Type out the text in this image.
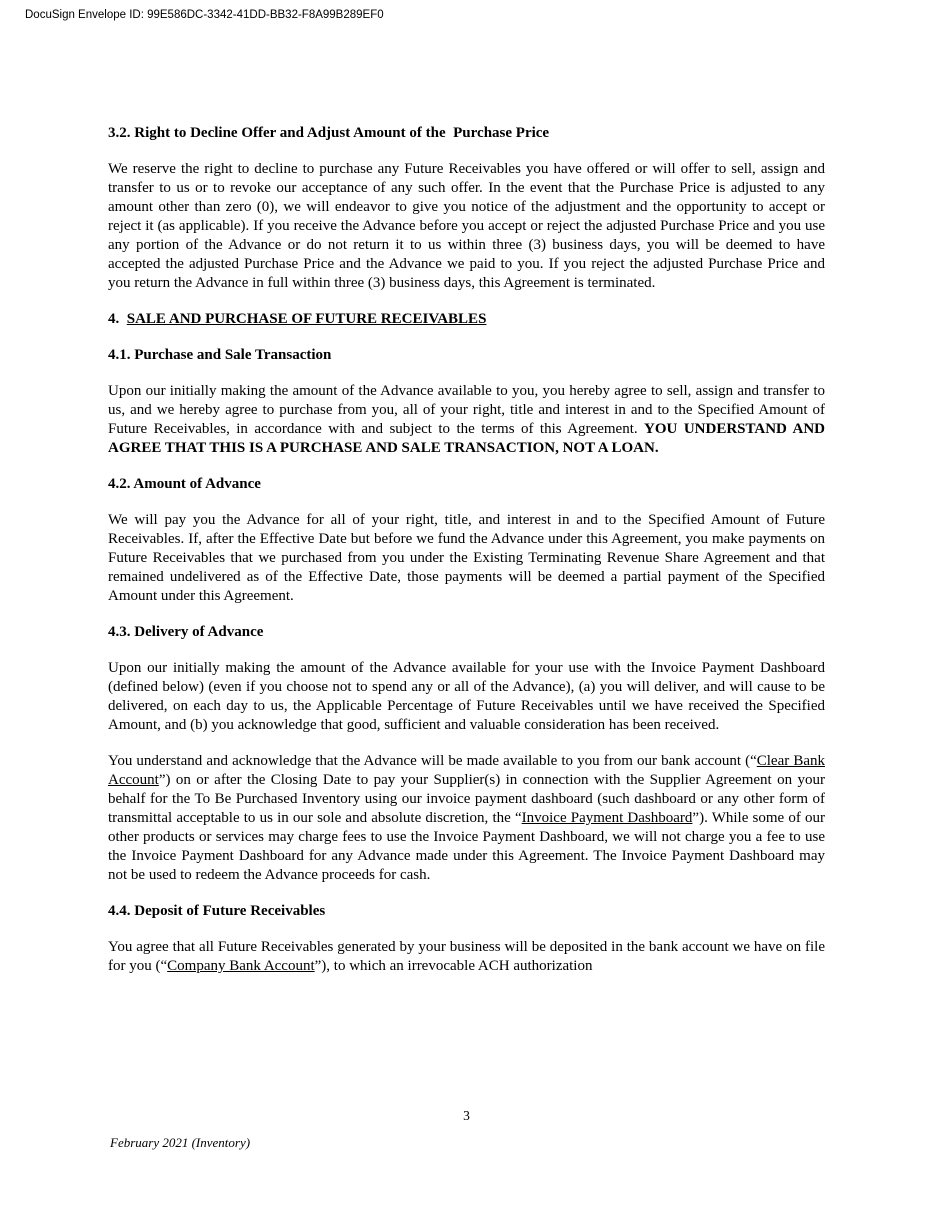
DocuSign Envelope ID: 99E586DC-3342-41DD-BB32-F8A99B289EF0

3.2. Right to Decline Offer and Adjust Amount of the  Purchase Price

We reserve the right to decline to purchase any Future Receivables you have offered or will offer to sell, assign and transfer to us or to revoke our acceptance of any such offer. In the event that the Purchase Price is adjusted to any amount other than zero (0), we will endeavor to give you notice of the adjustment and the opportunity to accept or reject it (as applicable). If you receive the Advance before you accept or reject the adjusted Purchase Price and you use any portion of the Advance or do not return it to us within three (3) business days, you will be deemed to have accepted the adjusted Purchase Price and the Advance we paid to you. If you reject the adjusted Purchase Price and you return the Advance in full within three (3) business days, this Agreement is terminated.

4.  SALE AND PURCHASE OF FUTURE RECEIVABLES

4.1. Purchase and Sale Transaction

Upon our initially making the amount of the Advance available to you, you hereby agree to sell, assign and transfer to us, and we hereby agree to purchase from you, all of your right, title and interest in and to the Specified Amount of Future Receivables, in accordance with and subject to the terms of this Agreement. YOU UNDERSTAND AND AGREE THAT THIS IS A PURCHASE AND SALE TRANSACTION, NOT A LOAN.

4.2. Amount of Advance

We will pay you the Advance for all of your right, title, and interest in and to the Specified Amount of Future Receivables. If, after the Effective Date but before we fund the Advance under this Agreement, you make payments on Future Receivables that we purchased from you under the Existing Terminating Revenue Share Agreement and that remained undelivered as of the Effective Date, those payments will be deemed a partial payment of the Specified Amount under this Agreement.

4.3. Delivery of Advance

Upon our initially making the amount of the Advance available for your use with the Invoice Payment Dashboard (defined below) (even if you choose not to spend any or all of the Advance), (a) you will deliver, and will cause to be delivered, on each day to us, the Applicable Percentage of Future Receivables until we have received the Specified Amount, and (b) you acknowledge that good, sufficient and valuable consideration has been received.

You understand and acknowledge that the Advance will be made available to you from our bank account (“Clear Bank Account”) on or after the Closing Date to pay your Supplier(s) in connection with the Supplier Agreement on your behalf for the To Be Purchased Inventory using our invoice payment dashboard (such dashboard or any other form of transmittal acceptable to us in our sole and absolute discretion, the “Invoice Payment Dashboard”). While some of our other products or services may charge fees to use the Invoice Payment Dashboard, we will not charge you a fee to use the Invoice Payment Dashboard for any Advance made under this Agreement. The Invoice Payment Dashboard may not be used to redeem the Advance proceeds for cash.

4.4. Deposit of Future Receivables

You agree that all Future Receivables generated by your business will be deposited in the bank account we have on file for you (“Company Bank Account”), to which an irrevocable ACH authorization

3
February 2021 (Inventory)
